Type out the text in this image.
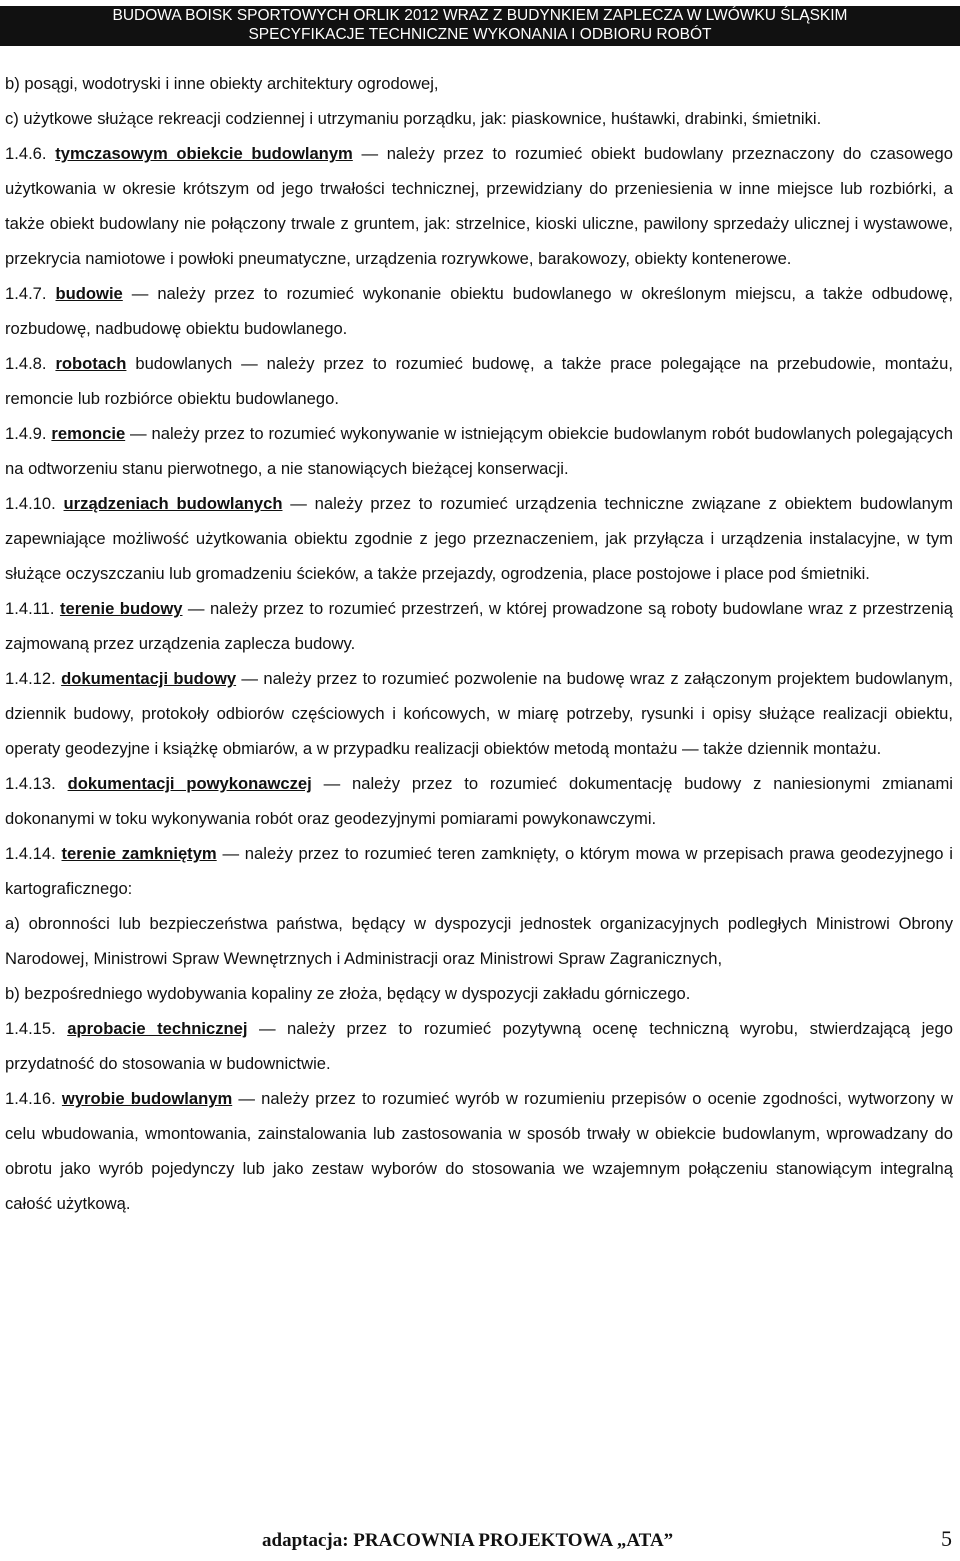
BUDOWA BOISK SPORTOWYCH ORLIK 2012 WRAZ Z BUDYNKIEM ZAPLECZA W LWÓWKU ŚLĄSKIM
SPECYFIKACJE TECHNICZNE WYKONANIA I ODBIORU ROBÓT

b) posągi, wodotryski i inne obiekty architektury ogrodowej,

c) użytkowe służące rekreacji codziennej i utrzymaniu porządku, jak: piaskownice, huśtawki, drabinki, śmietniki.

1.4.6. tymczasowym obiekcie budowlanym — należy przez to rozumieć obiekt budowlany przeznaczony do czasowego użytkowania w okresie krótszym od jego trwałości technicznej, przewidziany do przeniesienia w inne miejsce lub rozbiórki, a także obiekt budowlany nie połączony trwale z gruntem, jak: strzelnice, kioski uliczne, pawilony sprzedaży ulicznej i wystawowe, przekrycia namiotowe i powłoki pneumatyczne, urządzenia rozrywkowe, barakowozy, obiekty kontenerowe.

1.4.7. budowie — należy przez to rozumieć wykonanie obiektu budowlanego w określonym miejscu, a także odbudowę, rozbudowę, nadbudowę obiektu budowlanego.

1.4.8. robotach budowlanych — należy przez to rozumieć budowę, a także prace polegające na przebudowie, montażu, remoncie lub rozbiórce obiektu budowlanego.

1.4.9. remoncie — należy przez to rozumieć wykonywanie w istniejącym obiekcie budowlanym robót budowlanych polegających na odtworzeniu stanu pierwotnego, a nie stanowiących bieżącej konserwacji.

1.4.10. urządzeniach budowlanych — należy przez to rozumieć urządzenia techniczne związane z obiektem budowlanym zapewniające możliwość użytkowania obiektu zgodnie z jego przeznaczeniem, jak przyłącza i urządzenia instalacyjne, w tym służące oczyszczaniu lub gromadzeniu ścieków, a także przejazdy, ogrodzenia, place postojowe i place pod śmietniki.

1.4.11. terenie budowy — należy przez to rozumieć przestrzeń, w której prowadzone są roboty budowlane wraz z przestrzenią zajmowaną przez urządzenia zaplecza budowy.

1.4.12. dokumentacji budowy — należy przez to rozumieć pozwolenie na budowę wraz z załączonym projektem budowlanym, dziennik budowy, protokoły odbiorów częściowych i końcowych, w miarę potrzeby, rysunki i opisy służące realizacji obiektu, operaty geodezyjne i książkę obmiarów, a w przypadku realizacji obiektów metodą montażu — także dziennik montażu.

1.4.13. dokumentacji powykonawczej — należy przez to rozumieć dokumentację budowy z naniesionymi zmianami dokonanymi w toku wykonywania robót oraz geodezyjnymi pomiarami powykonawczymi.

1.4.14. terenie zamkniętym — należy przez to rozumieć teren zamknięty, o którym mowa w przepisach prawa geodezyjnego i kartograficznego:

a) obronności lub bezpieczeństwa państwa, będący w dyspozycji jednostek organizacyjnych podległych Ministrowi Obrony Narodowej, Ministrowi Spraw Wewnętrznych i Administracji oraz Ministrowi Spraw Zagranicznych,

b) bezpośredniego wydobywania kopaliny ze złoża, będący w dyspozycji zakładu górniczego.

1.4.15. aprobacie technicznej — należy przez to rozumieć pozytywną ocenę techniczną wyrobu, stwierdzającą jego przydatność do stosowania w budownictwie.

1.4.16. wyrobie budowlanym — należy przez to rozumieć wyrób w rozumieniu przepisów o ocenie zgodności, wytworzony w celu wbudowania, wmontowania, zainstalowania lub zastosowania w sposób trwały w obiekcie budowlanym, wprowadzany do obrotu jako wyrób pojedynczy lub jako zestaw wyborów do stosowania we wzajemnym połączeniu stanowiącym integralną całość użytkową.

adaptacja: PRACOWNIA PROJEKTOWA „ATA”	5
